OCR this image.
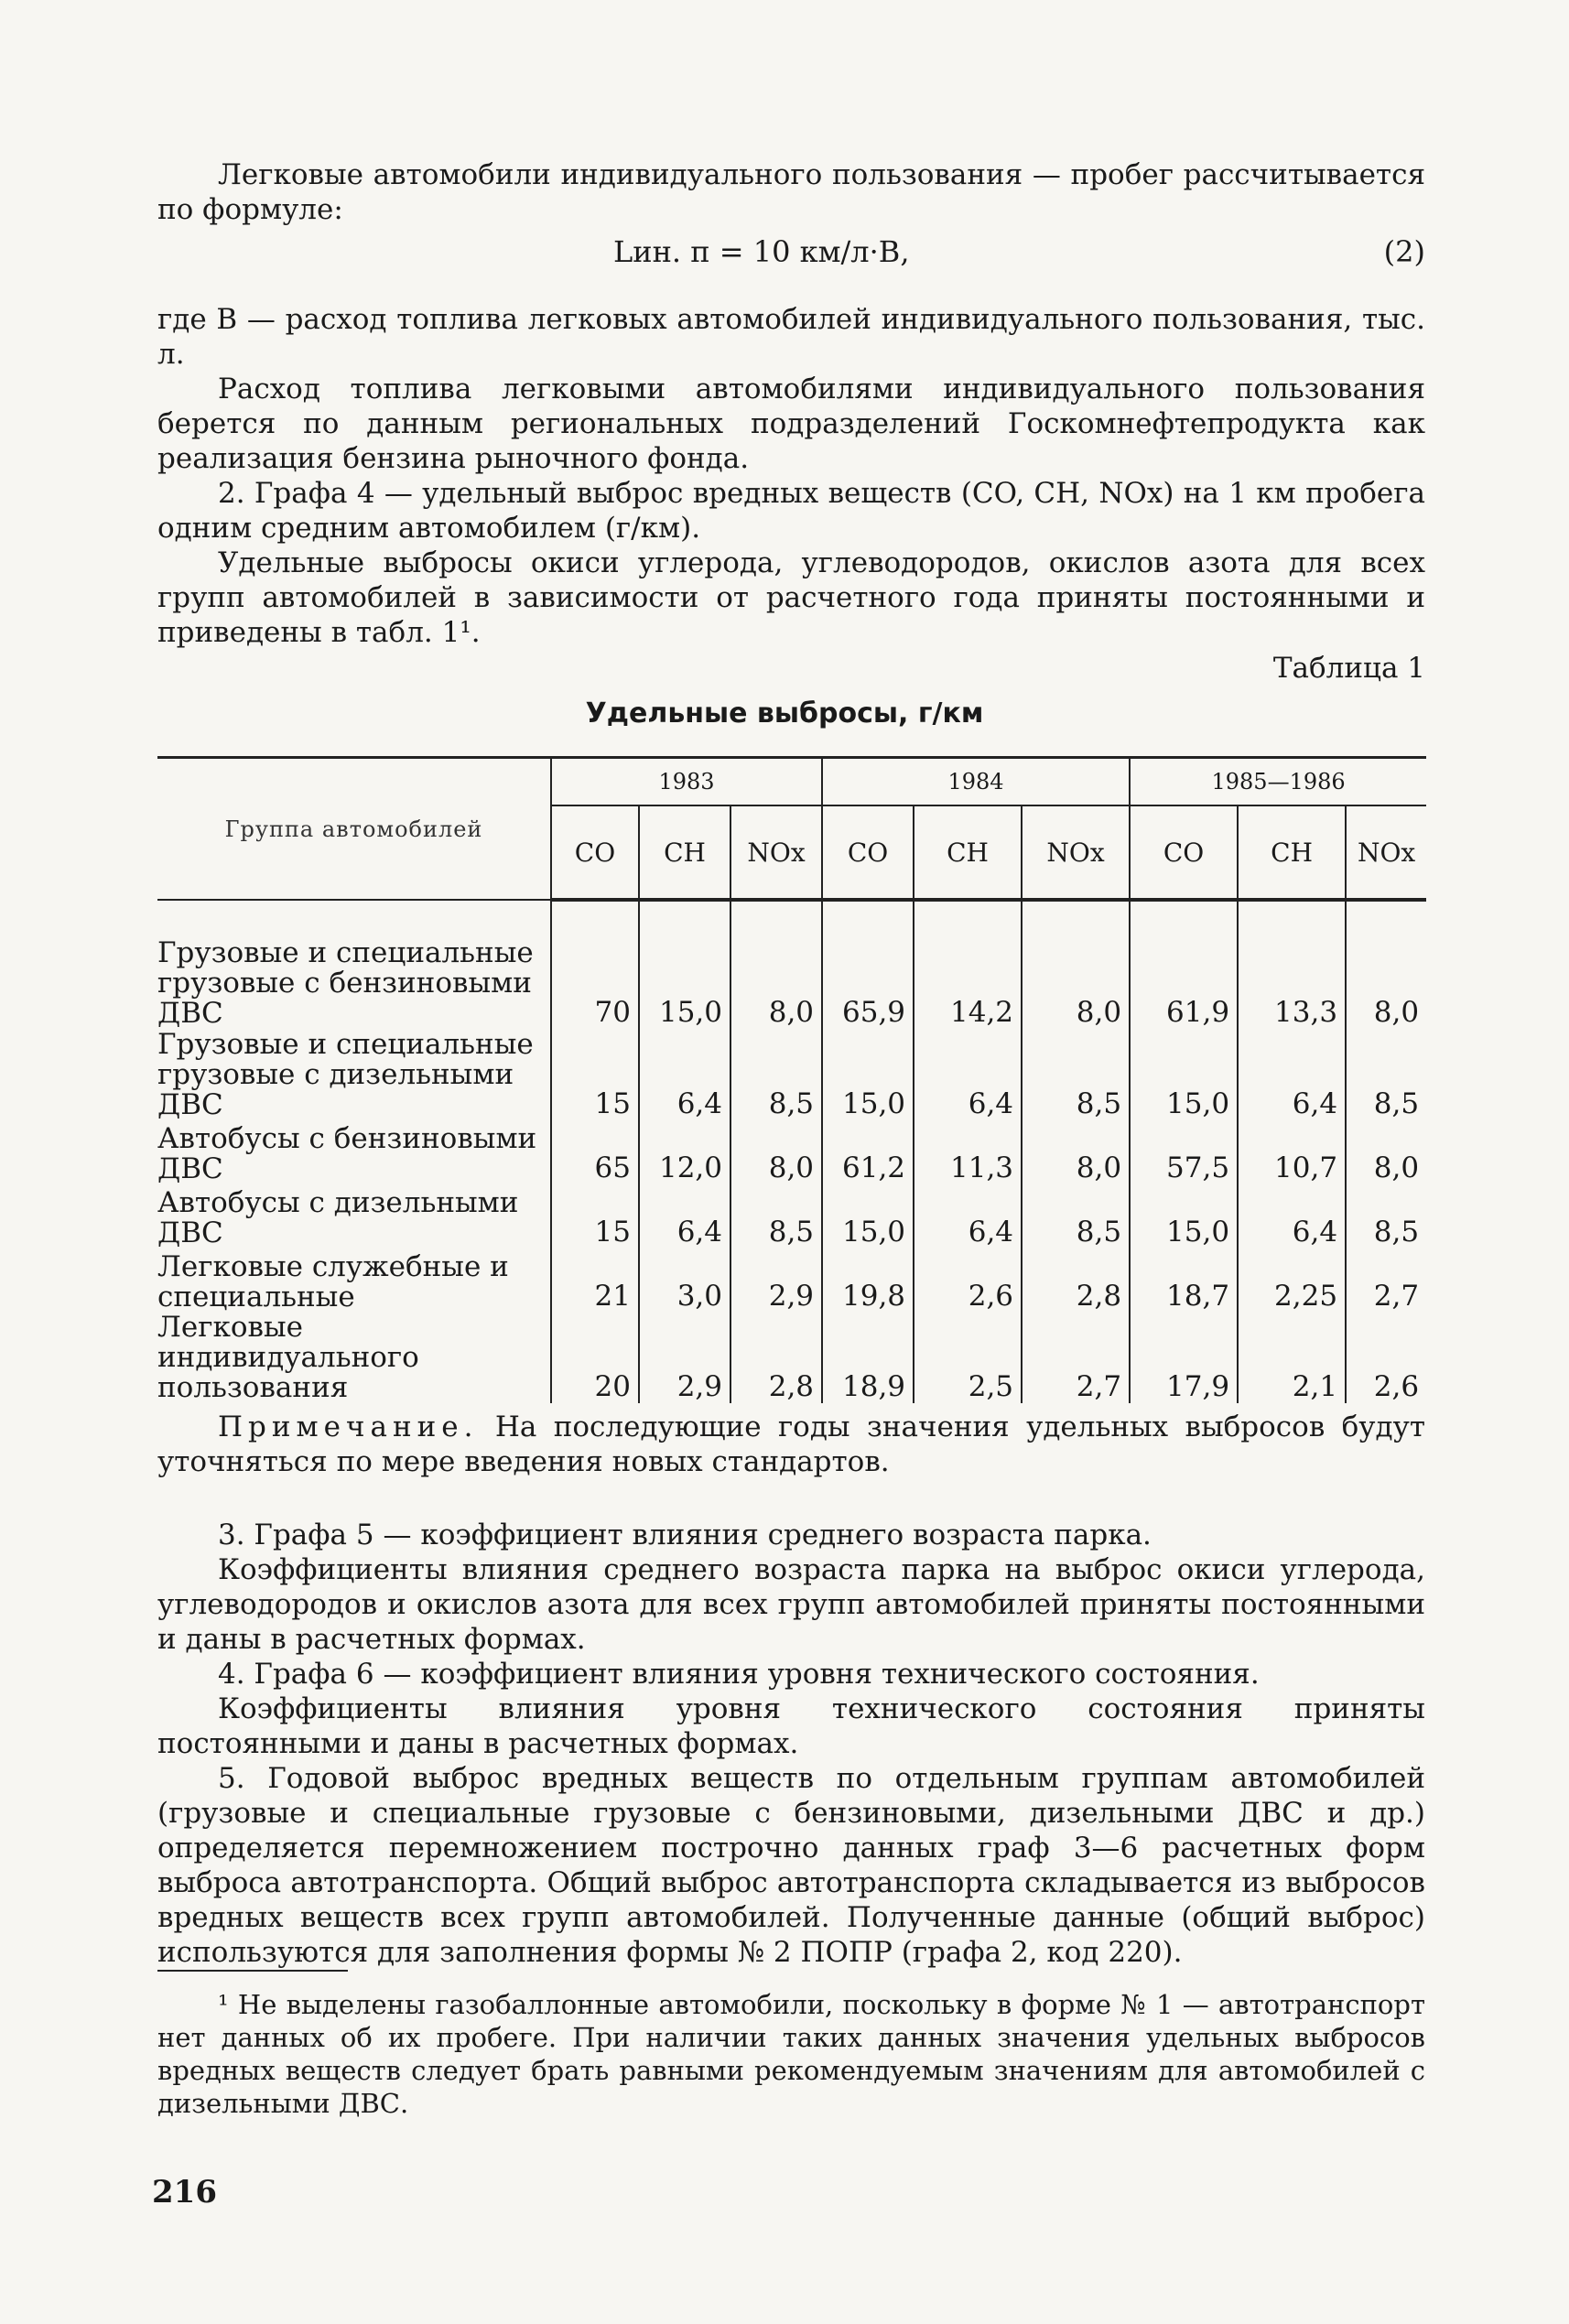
Легковые автомобили индивидуального пользования — пробег рассчитывается по формуле:

Lин. п = 10 км/л·B,	(2)

где B — расход топлива легковых автомобилей индивидуального пользования, тыс. л.

Расход топлива легковыми автомобилями индивидуального пользования берется по данным региональных подразделений Госкомнефтепродукта как реализация бензина рыночного фонда.

2. Графа 4 — удельный выброс вредных веществ (CO, CH, NOx) на 1 км пробега одним средним автомобилем (г/км).

Удельные выбросы окиси углерода, углеводородов, окислов азота для всех групп автомобилей в зависимости от расчетного года приняты постоянными и приведены в табл. 1¹.

Таблица 1
Удельные выбросы, г/км
Группа автомобилей	1983			1984			1985—1986		
	CO	CH	NOx	CO	CH	NOx	CO	CH	NOx

Грузовые и специальные грузовые с бензиновыми ДВС	70	15,0	8,0	65,9	14,2	8,0	61,9	13,3	8,0
Грузовые и специальные грузовые с дизельными ДВС	15	6,4	8,5	15,0	6,4	8,5	15,0	6,4	8,5
Автобусы с бензиновыми ДВС	65	12,0	8,0	61,2	11,3	8,0	57,5	10,7	8,0
Автобусы с дизельными ДВС	15	6,4	8,5	15,0	6,4	8,5	15,0	6,4	8,5
Легковые служебные и специальные	21	3,0	2,9	19,8	2,6	2,8	18,7	2,25	2,7
Легковые индивидуального пользования	20	2,9	2,8	18,9	2,5	2,7	17,9	2,1	2,6

Примечание. На последующие годы значения удельных выбросов будут уточняться по мере введения новых стандартов.

3. Графа 5 — коэффициент влияния среднего возраста парка.

Коэффициенты влияния среднего возраста парка на выброс окиси углерода, углеводородов и окислов азота для всех групп автомобилей приняты постоянными и даны в расчетных формах.

4. Графа 6 — коэффициент влияния уровня технического состояния.

Коэффициенты влияния уровня технического состояния приняты постоянными и даны в расчетных формах.

5. Годовой выброс вредных веществ по отдельным группам автомобилей (грузовые и специальные грузовые с бензиновыми, дизельными ДВС и др.) определяется перемножением построчно данных граф 3—6 расчетных форм выброса автотранспорта. Общий выброс автотранспорта складывается из выбросов вредных веществ всех групп автомобилей. Полученные данные (общий выброс) используются для заполнения формы № 2 ПОПР (графа 2, код 220).

¹ Не выделены газобаллонные автомобили, поскольку в форме № 1 — автотранспорт нет данных об их пробеге. При наличии таких данных значения удельных выбросов вредных веществ следует брать равными рекомендуемым значениям для автомобилей с дизельными ДВС.

216
